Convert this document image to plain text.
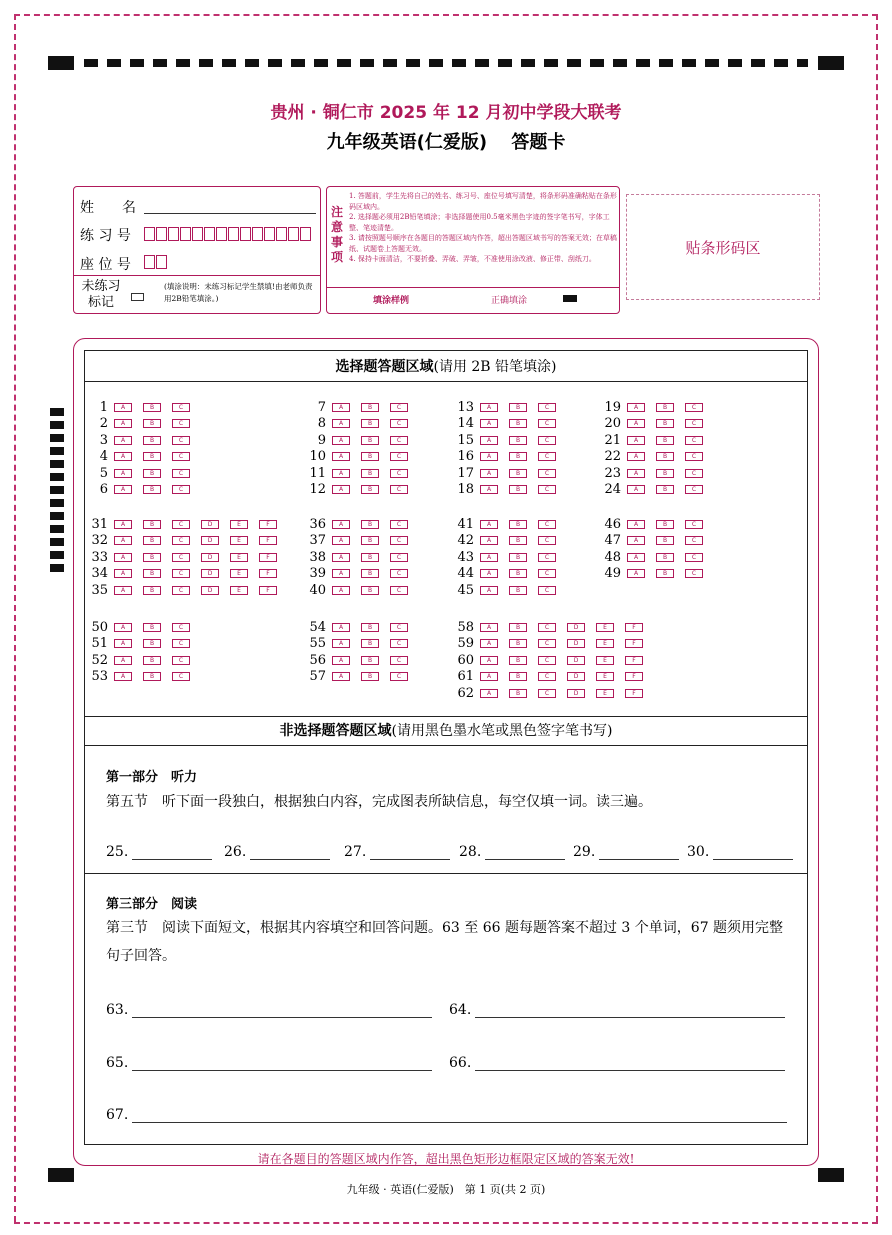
贵州 · 铜仁市 2025 年 12 月初中学段大联考
九年级英语(仁爱版)　 答题卡
姓　　名
练 习 号
座 位 号
未练习标记
(填涂说明：未练习标记学生禁填!由老师负责用2B铅笔填涂。)
注意事项
1. 答题前，学生先将自己的姓名、练习号、座位号填写清楚，将条形码准确粘贴在条形码区域内。
2. 选择题必须用2B铅笔填涂；非选择题使用0.5毫米黑色字迹的签字笔书写，字体工整、笔迹清楚。
3. 请按照题号顺序在各题目的答题区域内作答，超出答题区域书写的答案无效；在草稿纸、试题卷上答题无效。
4. 保持卡面清洁，不要折叠、弄破、弄皱，不准使用涂改液、修正带、刮纸刀。
填涂样例	正确填涂
贴条形码区
选择题答题区域(请用 2B 铅笔填涂)
1	A	B	C
2	A	B	C
3	A	B	C
4	A	B	C
5	A	B	C
6	A	B	C
7	A	B	C
8	A	B	C
9	A	B	C
10	A	B	C
11	A	B	C
12	A	B	C
13	A	B	C
14	A	B	C
15	A	B	C
16	A	B	C
17	A	B	C
18	A	B	C
19	A	B	C
20	A	B	C
21	A	B	C
22	A	B	C
23	A	B	C
24	A	B	C
31	A	B	C	D	E	F
32	A	B	C	D	E	F
33	A	B	C	D	E	F
34	A	B	C	D	E	F
35	A	B	C	D	E	F
36	A	B	C
37	A	B	C
38	A	B	C
39	A	B	C
40	A	B	C
41	A	B	C
42	A	B	C
43	A	B	C
44	A	B	C
45	A	B	C
46	A	B	C
47	A	B	C
48	A	B	C
49	A	B	C
50	A	B	C
51	A	B	C
52	A	B	C
53	A	B	C
54	A	B	C
55	A	B	C
56	A	B	C
57	A	B	C
58	A	B	C	D	E	F
59	A	B	C	D	E	F
60	A	B	C	D	E	F
61	A	B	C	D	E	F
62	A	B	C	D	E	F
非选择题答题区域(请用黑色墨水笔或黑色签字笔书写)
第一部分　听力
第五节　听下面一段独白，根据独白内容，完成图表所缺信息，每空仅填一词。读三遍。
25.	26.	27.	28.	29.	30.
第三部分　阅读
第三节　阅读下面短文，根据其内容填空和回答问题。63 至 66 题每题答案不超过 3 个单词，67 题须用完整句子回答。
63.	64.
65.	66.
67.
请在各题目的答题区域内作答，超出黑色矩形边框限定区域的答案无效!
九年级 · 英语(仁爱版)　第 1 页(共 2 页)
